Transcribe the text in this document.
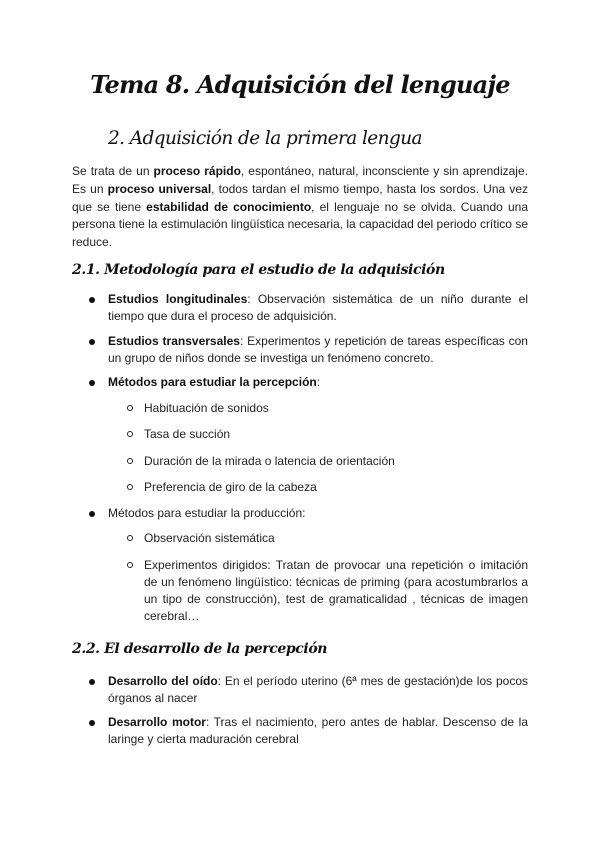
Tema 8. Adquisición del lenguaje
2. Adquisición de la primera lengua
Se trata de un proceso rápido, espontáneo, natural, inconsciente y sin aprendizaje. Es un proceso universal, todos tardan el mismo tiempo, hasta los sordos. Una vez que se tiene estabilidad de conocimiento, el lenguaje no se olvida. Cuando una persona tiene la estimulación lingüística necesaria, la capacidad del periodo crítico se reduce.
2.1. Metodología para el estudio de la adquisición
Estudios longitudinales: Observación sistemática de un niño durante el tiempo que dura el proceso de adquisición.
Estudios transversales: Experimentos y repetición de tareas específicas con un grupo de niños donde se investiga un fenómeno concreto.
Métodos para estudiar la percepción:
Habituación de sonidos
Tasa de succión
Duración de la mirada o latencia de orientación
Preferencia de giro de la cabeza
Métodos para estudiar la producción:
Observación sistemática
Experimentos dirigidos: Tratan de provocar una repetición o imitación de un fenómeno lingüístico: técnicas de priming (para acostumbrarlos a un tipo de construcción), test de gramaticalidad , técnicas de imagen cerebral…
2.2. El desarrollo de la percepción
Desarrollo del oído: En el período uterino (6ª mes de gestación)de los pocos órganos al nacer
Desarrollo motor: Tras el nacimiento, pero antes de hablar. Descenso de la laringe y cierta maduración cerebral
